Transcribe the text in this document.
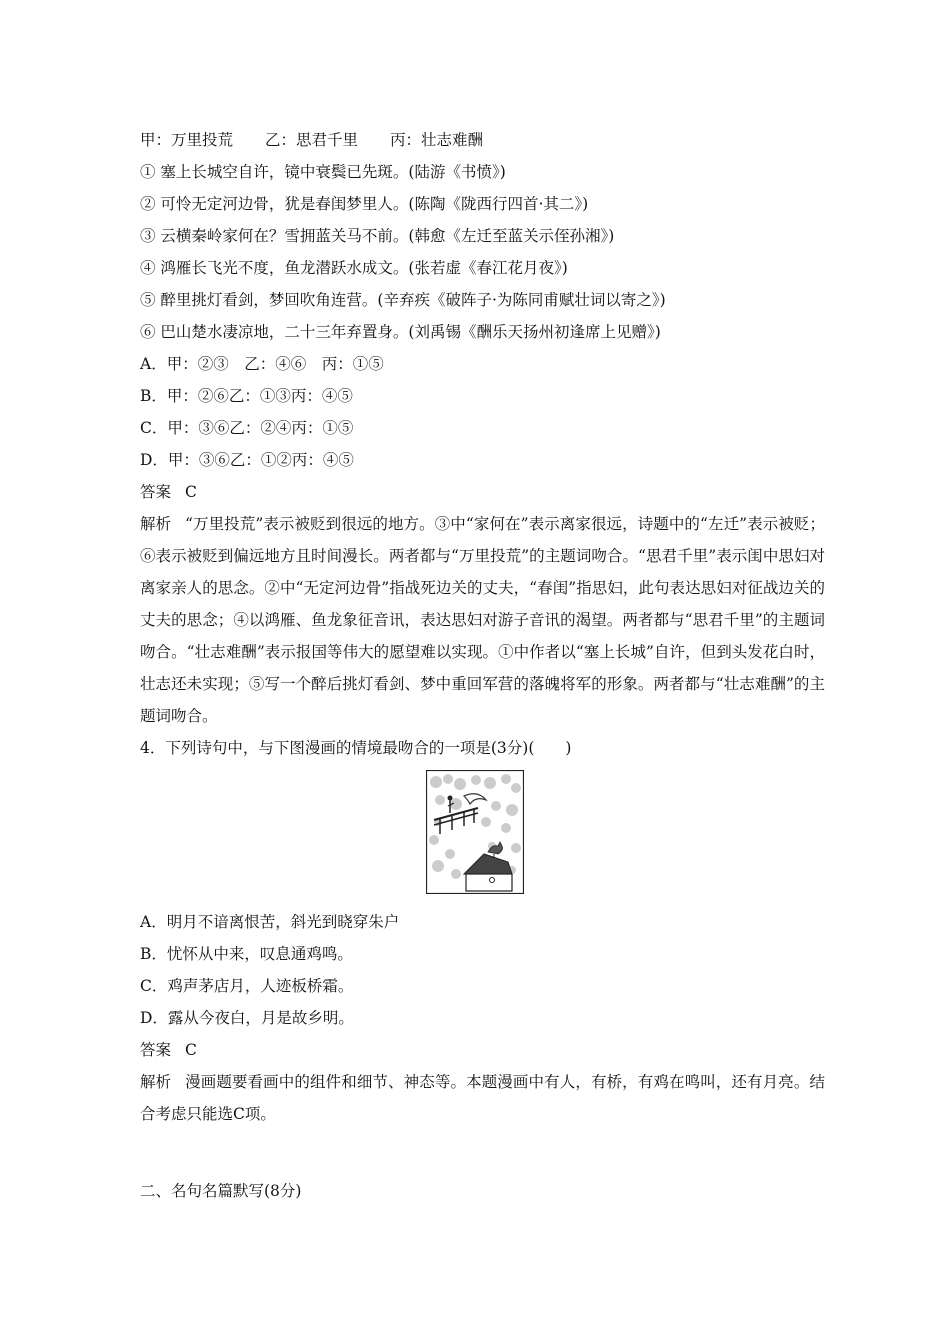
甲：万里投荒 乙：思君千里 丙：壮志难酬
① 塞上长城空自许，镜中衰鬓已先斑。(陆游《书愤》)
② 可怜无定河边骨，犹是春闺梦里人。(陈陶《陇西行四首·其二》)
③ 云横秦岭家何在？雪拥蓝关马不前。(韩愈《左迁至蓝关示侄孙湘》)
④ 鸿雁长飞光不度，鱼龙潜跃水成文。(张若虚《春江花月夜》)
⑤ 醉里挑灯看剑，梦回吹角连营。(辛弃疾《破阵子·为陈同甫赋壮词以寄之》)
⑥ 巴山楚水凄凉地，二十三年弃置身。(刘禹锡《酬乐天扬州初逢席上见赠》)
A．甲：②③　乙：④⑥　丙：①⑤
B．甲：②⑥乙：①③丙：④⑤
C．甲：③⑥乙：②④丙：①⑤
D．甲：③⑥乙：①②丙：④⑤
答案 C
解析 “万里投荒”表示被贬到很远的地方。③中“家何在”表示离家很远，诗题中的“左迁”表示被贬；⑥表示被贬到偏远地方且时间漫长。两者都与“万里投荒”的主题词吻合。“思君千里”表示闺中思妇对离家亲人的思念。②中“无定河边骨”指战死边关的丈夫，“春闺”指思妇，此句表达思妇对征战边关的丈夫的思念；④以鸿雁、鱼龙象征音讯，表达思妇对游子音讯的渴望。两者都与“思君千里”的主题词吻合。“壮志难酬”表示报国等伟大的愿望难以实现。①中作者以“塞上长城”自许，但到头发花白时，壮志还未实现；⑤写一个醉后挑灯看剑、梦中重回军营的落魄将军的形象。两者都与“壮志难酬”的主题词吻合。
4．下列诗句中，与下图漫画的情境最吻合的一项是(3分)(　　)
A．明月不谙离恨苦，斜光到晓穿朱户
B．忧怀从中来，叹息通鸡鸣。
C．鸡声茅店月，人迹板桥霜。
D．露从今夜白，月是故乡明。
答案 C
解析 漫画题要看画中的组件和细节、神态等。本题漫画中有人，有桥，有鸡在鸣叫，还有月亮。结合考虑只能选C项。
二、名句名篇默写(8分)
